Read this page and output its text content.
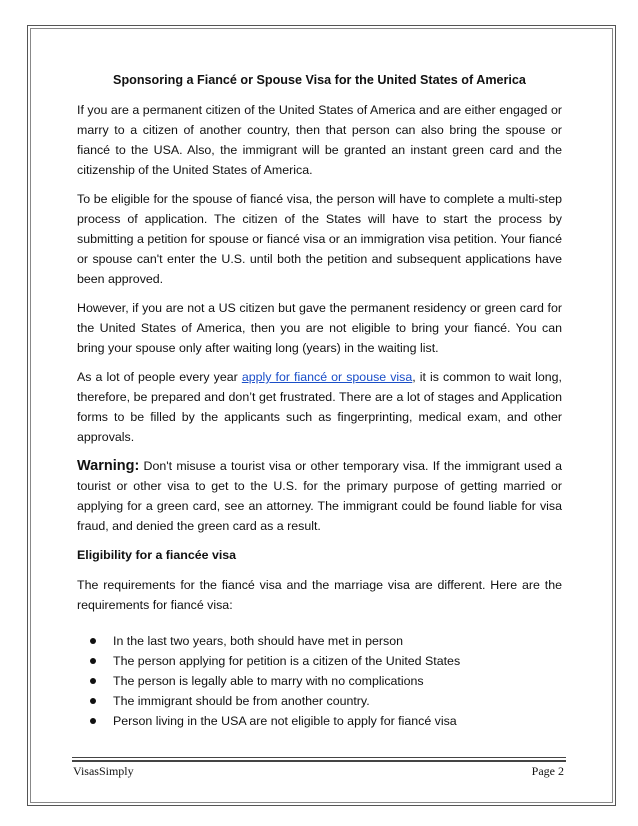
Sponsoring a Fiancé or Spouse Visa for the United States of America

If you are a permanent citizen of the United States of America and are either engaged or marry to a citizen of another country, then that person can also bring the spouse or fiancé to the USA. Also, the immigrant will be granted an instant green card and the citizenship of the United States of America.

To be eligible for the spouse of fiancé visa, the person will have to complete a multi-step process of application. The citizen of the States will have to start the process by submitting a petition for spouse or fiancé visa or an immigration visa petition. Your fiancé or spouse can't enter the U.S. until both the petition and subsequent applications have been approved.

However, if you are not a US citizen but gave the permanent residency or green card for the United States of America, then you are not eligible to bring your fiancé. You can bring your spouse only after waiting long (years) in the waiting list.

As a lot of people every year apply for fiancé or spouse visa, it is common to wait long, therefore, be prepared and don’t get frustrated. There are a lot of stages and Application forms to be filled by the applicants such as fingerprinting, medical exam, and other approvals.

Warning: Don't misuse a tourist visa or other temporary visa. If the immigrant used a tourist or other visa to get to the U.S. for the primary purpose of getting married or applying for a green card, see an attorney. The immigrant could be found liable for visa fraud, and denied the green card as a result.

Eligibility for a fiancée visa

The requirements for the fiancé visa and the marriage visa are different. Here are the requirements for fiancé visa:

In the last two years, both should have met in person
The person applying for petition is a citizen of the United States
The person is legally able to marry with no complications
The immigrant should be from another country.
Person living in the USA are not eligible to apply for fiancé visa
VisasSimply	Page 2
